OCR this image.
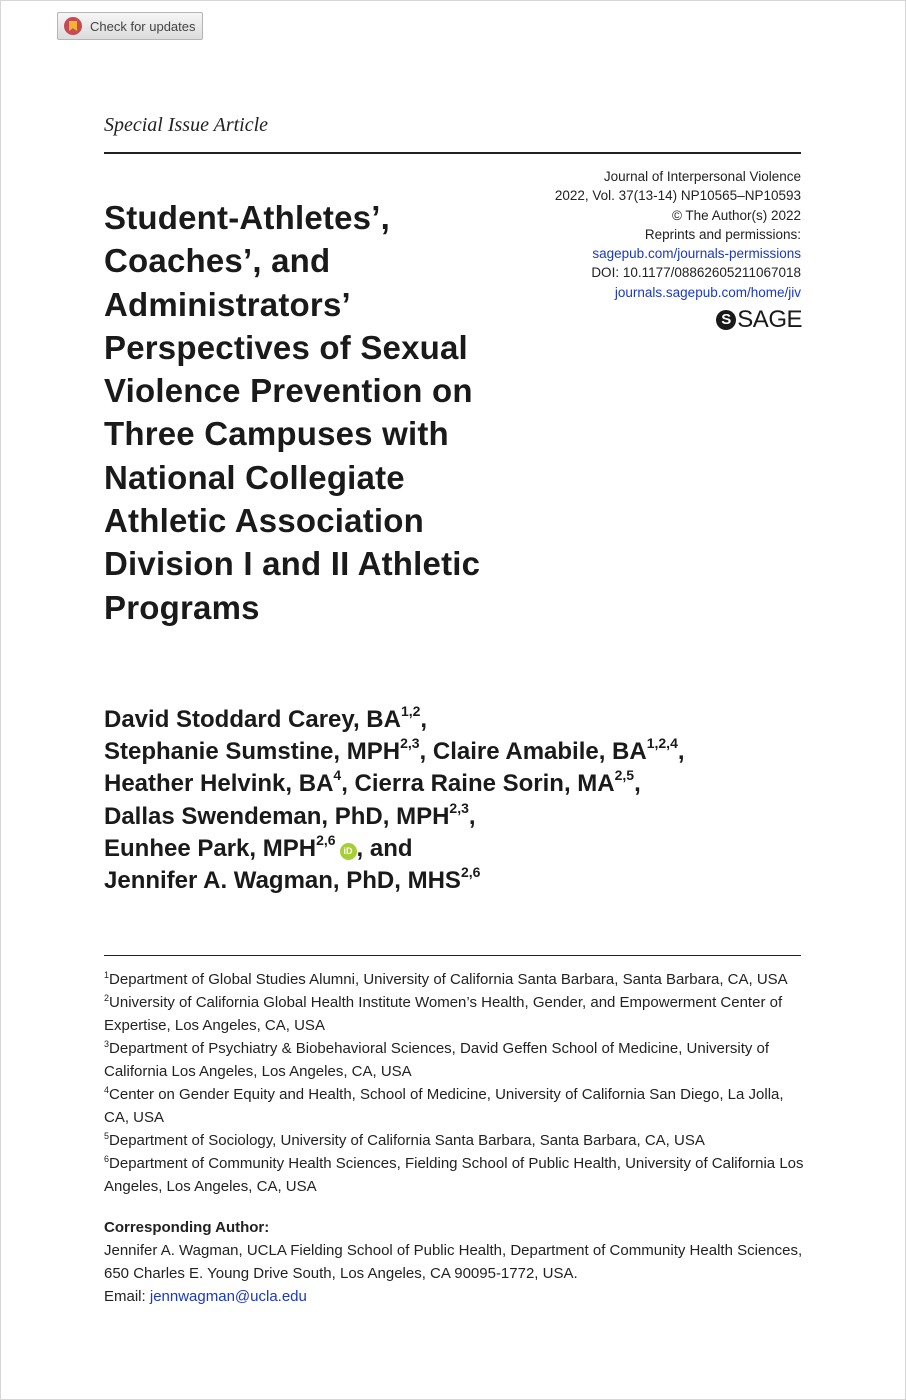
Check for updates
Special Issue Article
Journal of Interpersonal Violence
2022, Vol. 37(13-14) NP10565–NP10593
© The Author(s) 2022
Reprints and permissions:
sagepub.com/journals-permissions
DOI: 10.1177/08862605211067018
journals.sagepub.com/home/jiv
S SAGE
Student-Athletes’,
Coaches’, and
Administrators’
Perspectives of Sexual
Violence Prevention on
Three Campuses with
National Collegiate
Athletic Association
Division I and II Athletic
Programs
David Stoddard Carey, BA$^{1,2}$,
Stephanie Sumstine, MPH$^{2,3}$, Claire Amabile, BA$^{1,2,4}$,
Heather Helvink, $BA^4$, Cierra Raine Sorin, MA$^{2,5}$,
Dallas Swendeman, PhD, MPH$^{2,3}$,
Eunhee Park, MPH$^{2,6}$iD , and
Jennifer A. Wagman, PhD, MHS$^{2,6}$
$^1$Department of Global Studies Alumni, University of California Santa Barbara, Santa Barbara, CA, USA
$^2$University of California Global Health Institute Women’s Health, Gender, and Empowerment Center of Expertise, Los Angeles, CA, USA
$^3$Department of Psychiatry & Biobehavioral Sciences, David Geffen School of Medicine, University of California Los Angeles, Los Angeles, CA, USA
$^4$Center on Gender Equity and Health, School of Medicine, University of California San Diego, La Jolla, CA, USA
$^5$Department of Sociology, University of California Santa Barbara, Santa Barbara, CA, USA
$^6$Department of Community Health Sciences, Fielding School of Public Health, University of California Los Angeles, Los Angeles, CA, USA
Corresponding Author:
Jennifer A. Wagman, UCLA Fielding School of Public Health, Department of Community Health Sciences, 650 Charles E. Young Drive South, Los Angeles, CA 90095-1772, USA.
Email: jennwagman@ucla.edu
